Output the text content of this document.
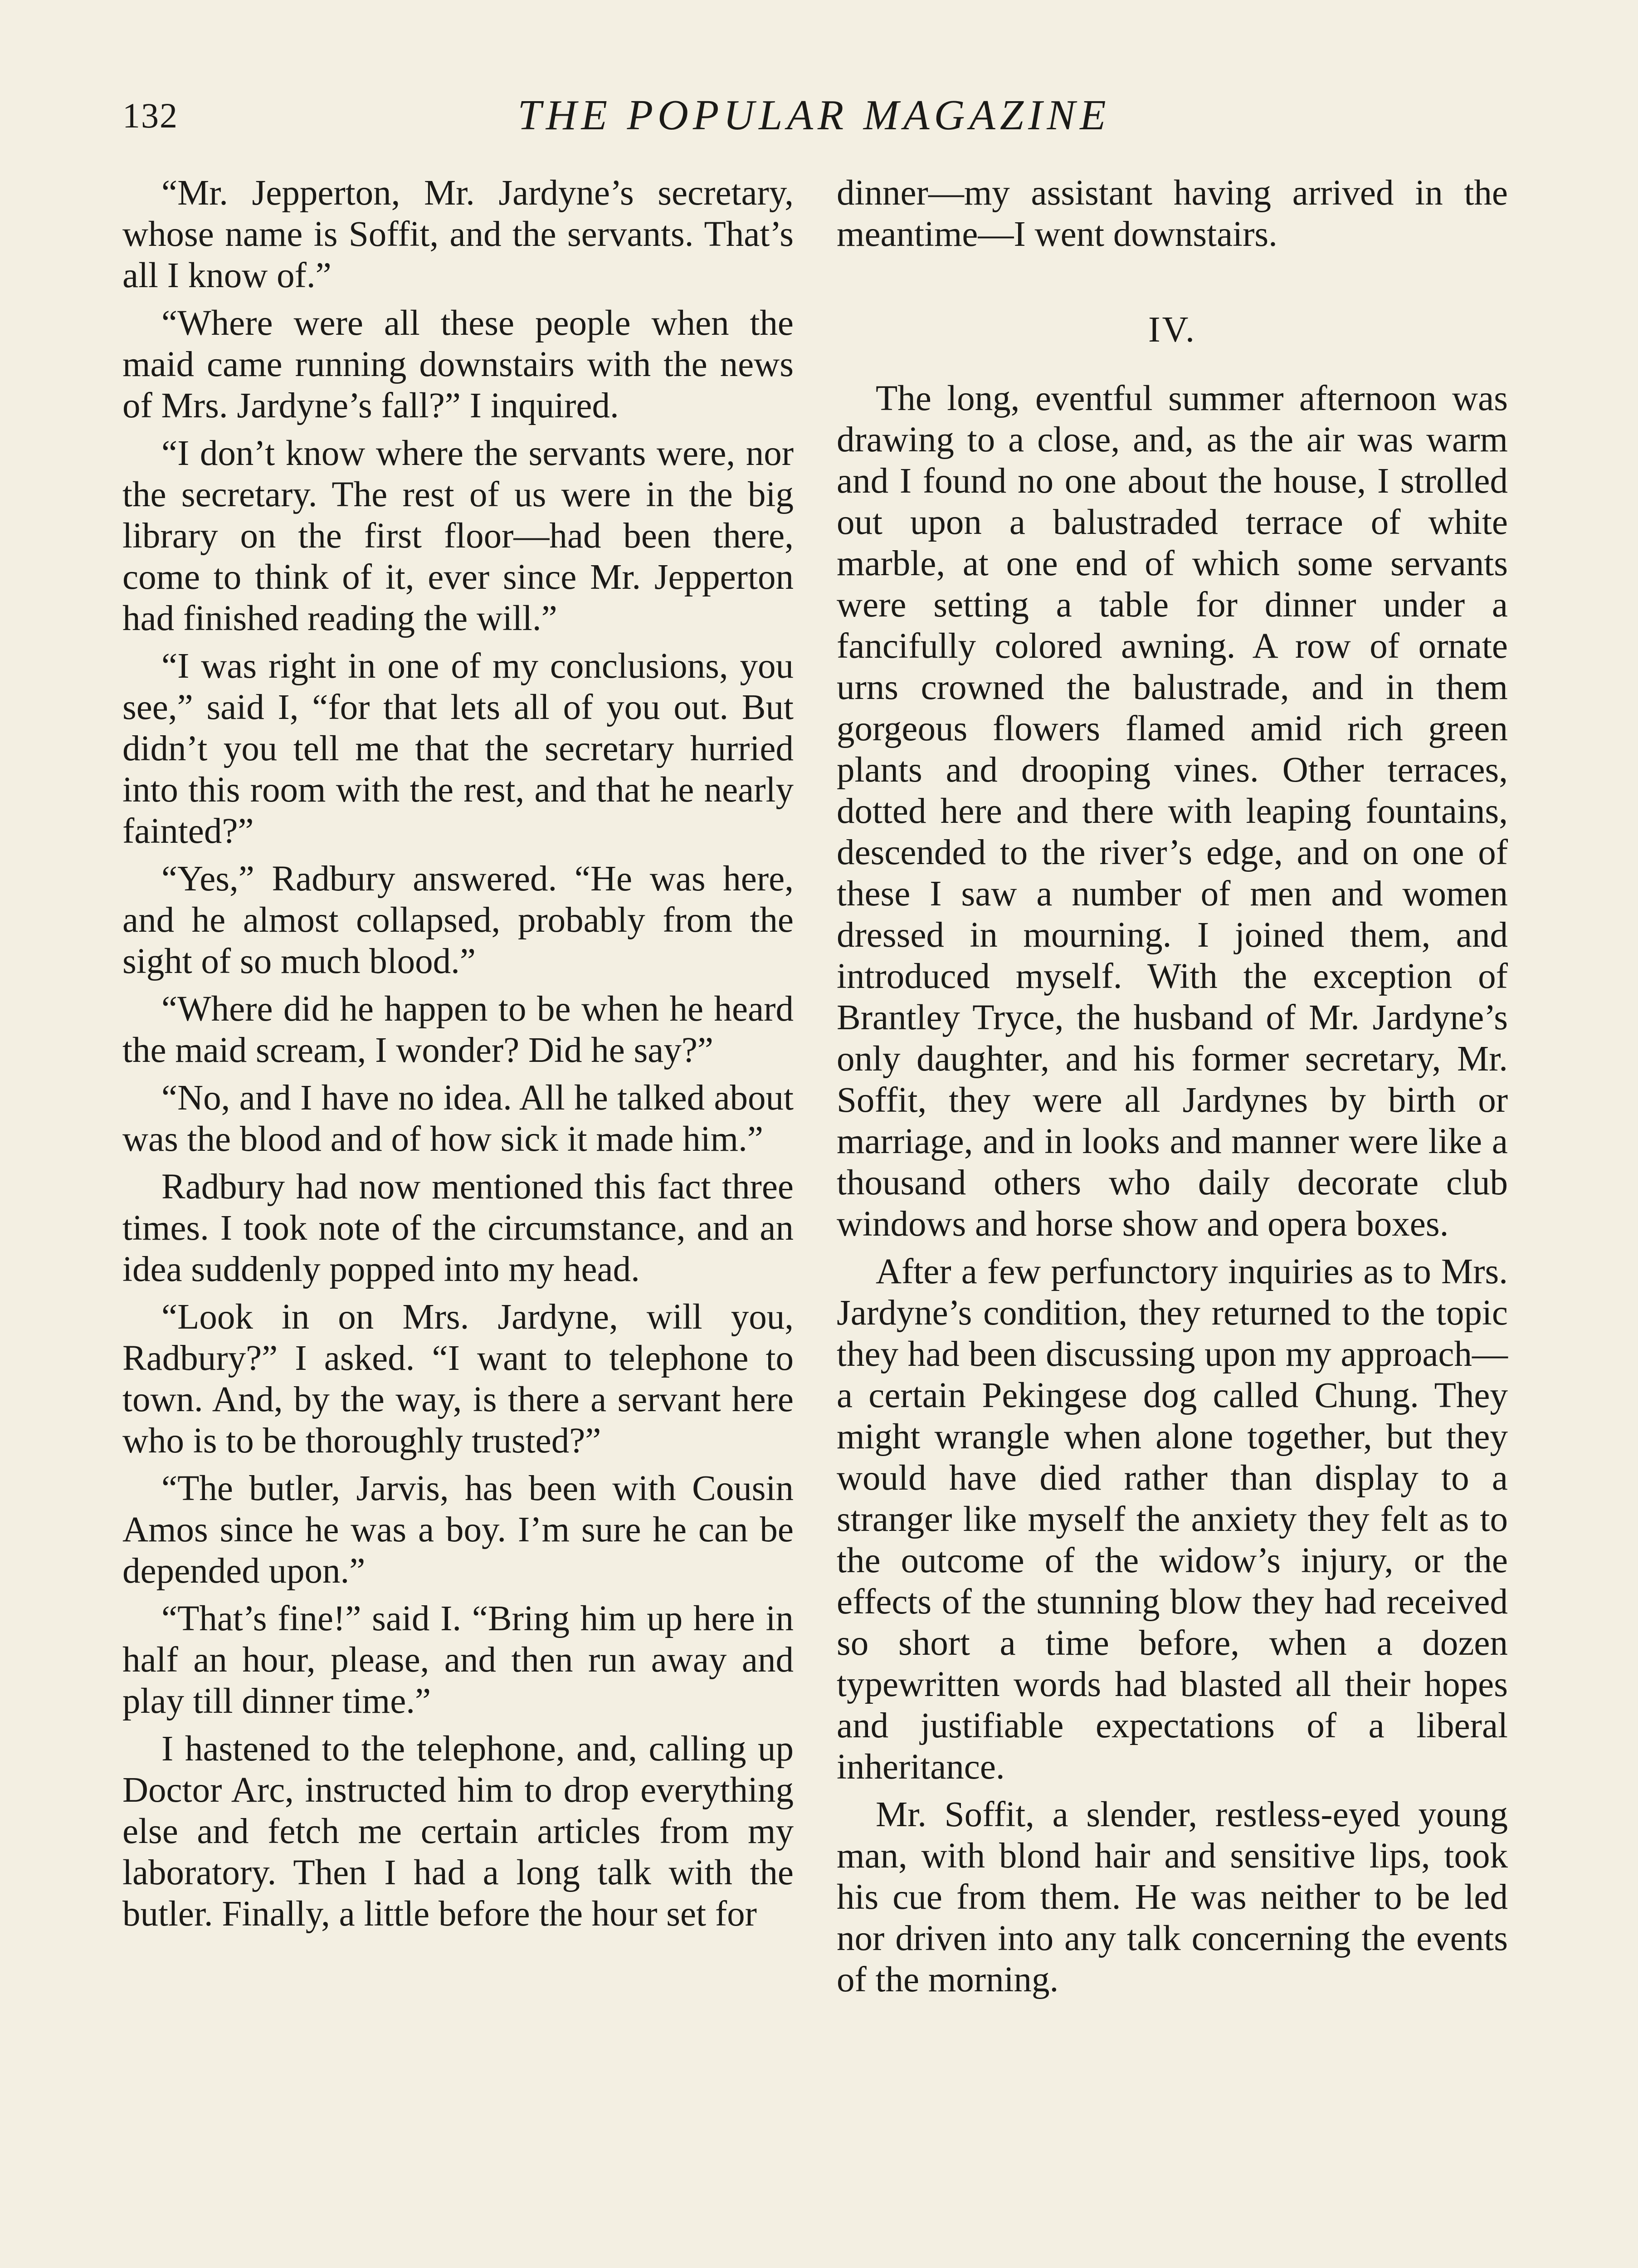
132	THE POPULAR MAGAZINE

“Mr. Jepperton, Mr. Jardyne’s secretary, whose name is Soffit, and the servants. That’s all I know of.”

“Where were all these people when the maid came running downstairs with the news of Mrs. Jardyne’s fall?” I inquired.

“I don’t know where the servants were, nor the secretary. The rest of us were in the big library on the first floor—had been there, come to think of it, ever since Mr. Jepperton had finished reading the will.”

“I was right in one of my conclusions, you see,” said I, “for that lets all of you out. But didn’t you tell me that the secretary hurried into this room with the rest, and that he nearly fainted?”

“Yes,” Radbury answered. “He was here, and he almost collapsed, probably from the sight of so much blood.”

“Where did he happen to be when he heard the maid scream, I wonder? Did he say?”

“No, and I have no idea. All he talked about was the blood and of how sick it made him.”

Radbury had now mentioned this fact three times. I took note of the circumstance, and an idea suddenly popped into my head.

“Look in on Mrs. Jardyne, will you, Radbury?” I asked. “I want to telephone to town. And, by the way, is there a servant here who is to be thoroughly trusted?”

“The butler, Jarvis, has been with Cousin Amos since he was a boy. I’m sure he can be depended upon.”

“That’s fine!” said I. “Bring him up here in half an hour, please, and then run away and play till dinner time.”

I hastened to the telephone, and, calling up Doctor Arc, instructed him to drop everything else and fetch me certain articles from my laboratory. Then I had a long talk with the butler. Finally, a little before the hour set for

dinner—my assistant having arrived in the meantime—I went downstairs.

IV.

The long, eventful summer afternoon was drawing to a close, and, as the air was warm and I found no one about the house, I strolled out upon a balustraded terrace of white marble, at one end of which some servants were setting a table for dinner under a fancifully colored awning. A row of ornate urns crowned the balustrade, and in them gorgeous flowers flamed amid rich green plants and drooping vines. Other terraces, dotted here and there with leaping fountains, descended to the river’s edge, and on one of these I saw a number of men and women dressed in mourning. I joined them, and introduced myself. With the exception of Brantley Tryce, the husband of Mr. Jardyne’s only daughter, and his former secretary, Mr. Soffit, they were all Jardynes by birth or marriage, and in looks and manner were like a thousand others who daily decorate club windows and horse show and opera boxes.

After a few perfunctory inquiries as to Mrs. Jardyne’s condition, they returned to the topic they had been discussing upon my approach—a certain Pekingese dog called Chung. They might wrangle when alone together, but they would have died rather than display to a stranger like myself the anxiety they felt as to the outcome of the widow’s injury, or the effects of the stunning blow they had received so short a time before, when a dozen typewritten words had blasted all their hopes and justifiable expectations of a liberal inheritance.

Mr. Soffit, a slender, restless-eyed young man, with blond hair and sensitive lips, took his cue from them. He was neither to be led nor driven into any talk concerning the events of the morning.
